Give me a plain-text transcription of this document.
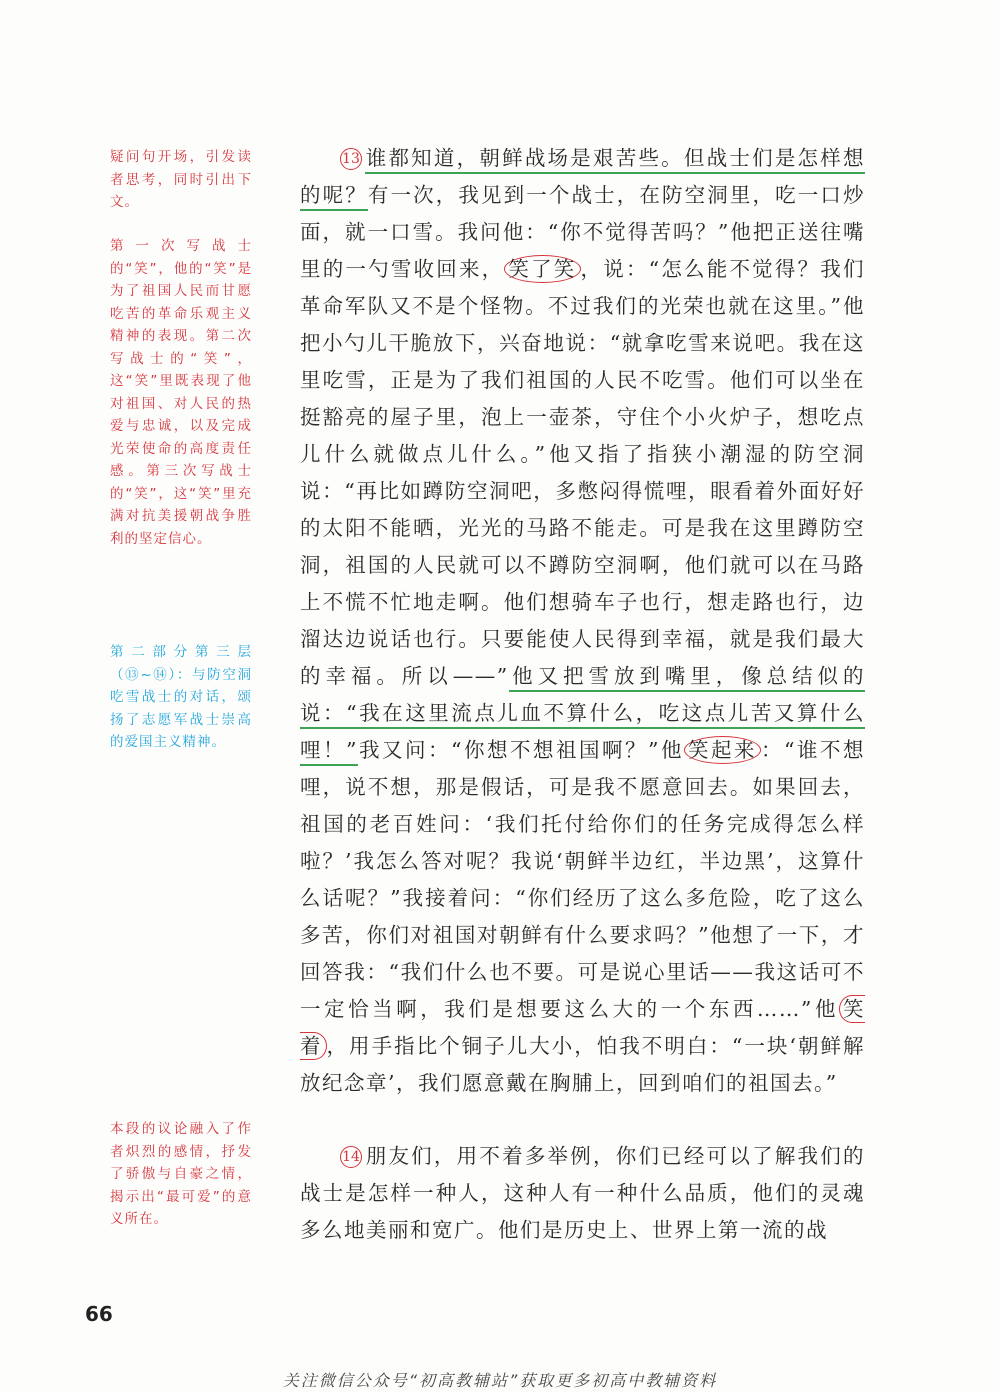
疑问句开场，引发读者思考，同时引出下文。
第一次写战士的“笑”，他的“笑”是为了祖国人民而甘愿吃苦的革命乐观主义精神的表现。第二次写战士的“笑”，这“笑”里既表现了他对祖国、对人民的热爱与忠诚，以及完成光荣使命的高度责任感。第三次写战士的“笑”，这“笑”里充满对抗美援朝战争胜利的坚定信心。
第二部分第三层（⑬~⑭）：与防空洞吃雪战士的对话，颂扬了志愿军战士崇高的爱国主义精神。
本段的议论融入了作者炽烈的感情，抒发了骄傲与自豪之情，揭示出“最可爱”的意义所在。

13 谁都知道，朝鲜战场是艰苦些。但战士们是怎样想的呢？有一次，我见到一个战士，在防空洞里，吃一口炒面，就一口雪。我问他：“你不觉得苦吗？”他把正送往嘴里的一勺雪收回来， 笑了笑 ，说：“怎么能不觉得？我们革命军队又不是个怪物。不过我们的光荣也就在这里。”他把小勺儿干脆放下，兴奋地说：“就拿吃雪来说吧。我在这里吃雪，正是为了我们祖国的人民不吃雪。他们可以坐在挺豁亮的屋子里，泡上一壶茶，守住个小火炉子，想吃点儿什么就做点儿什么。”他又指了指狭小潮湿的防空洞说：“再比如蹲防空洞吧，多憋闷得慌哩，眼看着外面好好的太阳不能晒，光光的马路不能走。可是我在这里蹲防空洞，祖国的人民就可以不蹲防空洞啊，他们就可以在马路上不慌不忙地走啊。他们想骑车子也行，想走路也行，边溜达边说话也行。只要能使人民得到幸福，就是我们最大的幸福。所以——”他又把雪放到嘴里，像总结似的说：“我在这里流点儿血不算什么，吃这点儿苦又算什么哩！”我又问：“你想不想祖国啊？”他 笑起来 ：“谁不想哩，说不想，那是假话，可是我不愿意回去。如果回去，祖国的老百姓问：‘我们托付给你们的任务完成得怎么样啦？’我怎么答对呢？我说‘朝鲜半边红，半边黑’，这算什么话呢？”我接着问：“你们经历了这么多危险，吃了这么多苦，你们对祖国对朝鲜有什么要求吗？”他想了一下，才回答我：“我们什么也不要。可是说心里话——我这话可不一定恰当啊，我们是想要这么大的一个东西……”他 笑着 ，用手指比个铜子儿大小，怕我不明白：“一块‘朝鲜解放纪念章’，我们愿意戴在胸脯上，回到咱们的祖国去。”

14 朋友们，用不着多举例，你们已经可以了解我们的战士是怎样一种人，这种人有一种什么品质，他们的灵魂多么地美丽和宽广。他们是历史上、世界上第一流的战

66
关注微信公众号“初高教辅站”获取更多初高中教辅资料
